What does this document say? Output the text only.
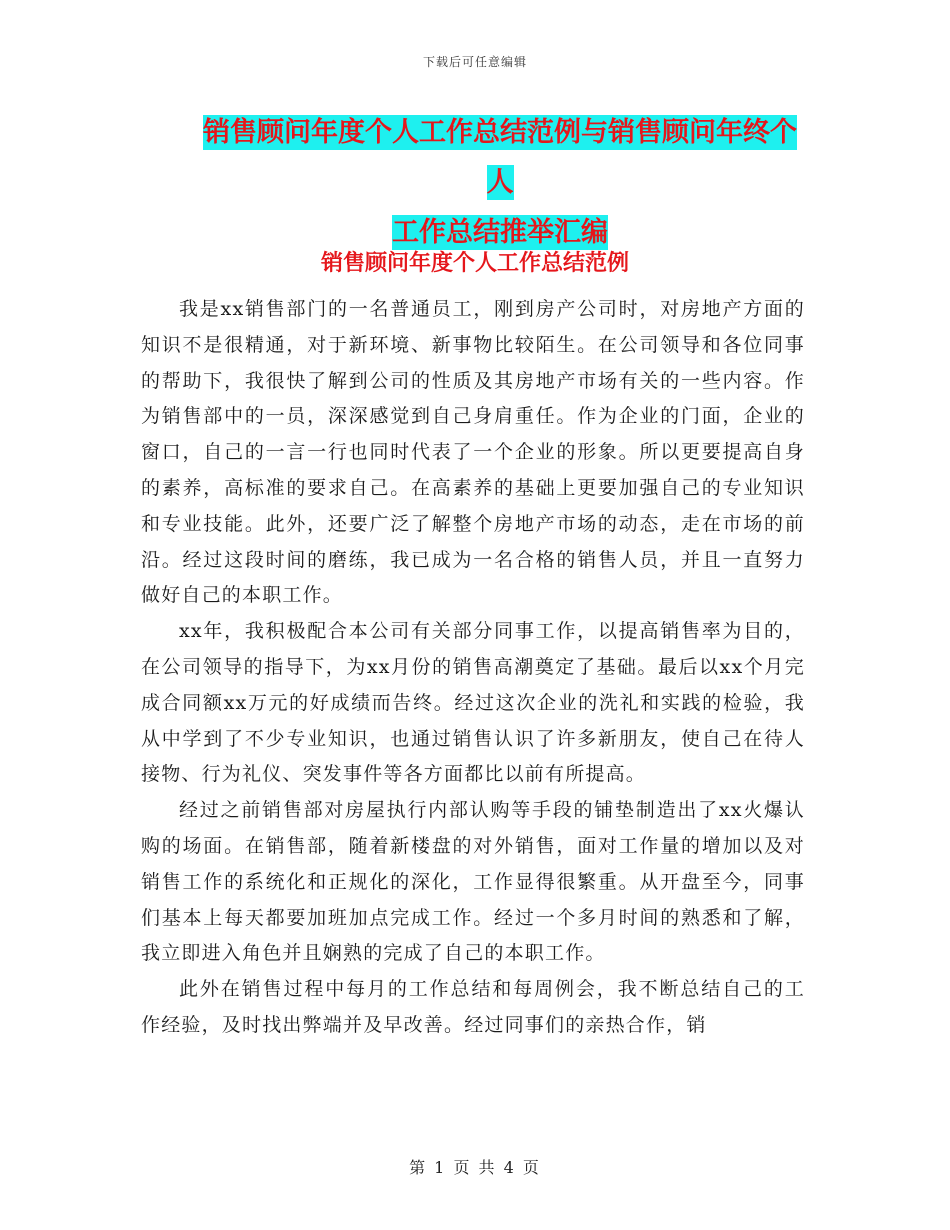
下载后可任意编辑
销售顾问年度个人工作总结范例与销售顾问年终个人
工作总结推举汇编
销售顾问年度个人工作总结范例

我是xx销售部门的一名普通员工，刚到房产公司时，对房地产方面的知识不是很精通，对于新环境、新事物比较陌生。在公司领导和各位同事的帮助下，我很快了解到公司的性质及其房地产市场有关的一些内容。作为销售部中的一员，深深感觉到自己身肩重任。作为企业的门面，企业的窗口，自己的一言一行也同时代表了一个企业的形象。所以更要提高自身的素养，高标准的要求自己。在高素养的基础上更要加强自己的专业知识和专业技能。此外，还要广泛了解整个房地产市场的动态，走在市场的前沿。经过这段时间的磨练，我已成为一名合格的销售人员，并且一直努力做好自己的本职工作。

xx年，我积极配合本公司有关部分同事工作，以提高销售率为目的，在公司领导的指导下，为xx月份的销售高潮奠定了基础。最后以xx个月完成合同额xx万元的好成绩而告终。经过这次企业的洗礼和实践的检验，我从中学到了不少专业知识，也通过销售认识了许多新朋友，使自己在待人接物、行为礼仪、突发事件等各方面都比以前有所提高。

经过之前销售部对房屋执行内部认购等手段的铺垫制造出了xx火爆认购的场面。在销售部，随着新楼盘的对外销售，面对工作量的增加以及对销售工作的系统化和正规化的深化，工作显得很繁重。从开盘至今，同事们基本上每天都要加班加点完成工作。经过一个多月时间的熟悉和了解，我立即进入角色并且娴熟的完成了自己的本职工作。

此外在销售过程中每月的工作总结和每周例会，我不断总结自己的工作经验，及时找出弊端并及早改善。经过同事们的亲热合作，销

第 1 页 共 4 页
